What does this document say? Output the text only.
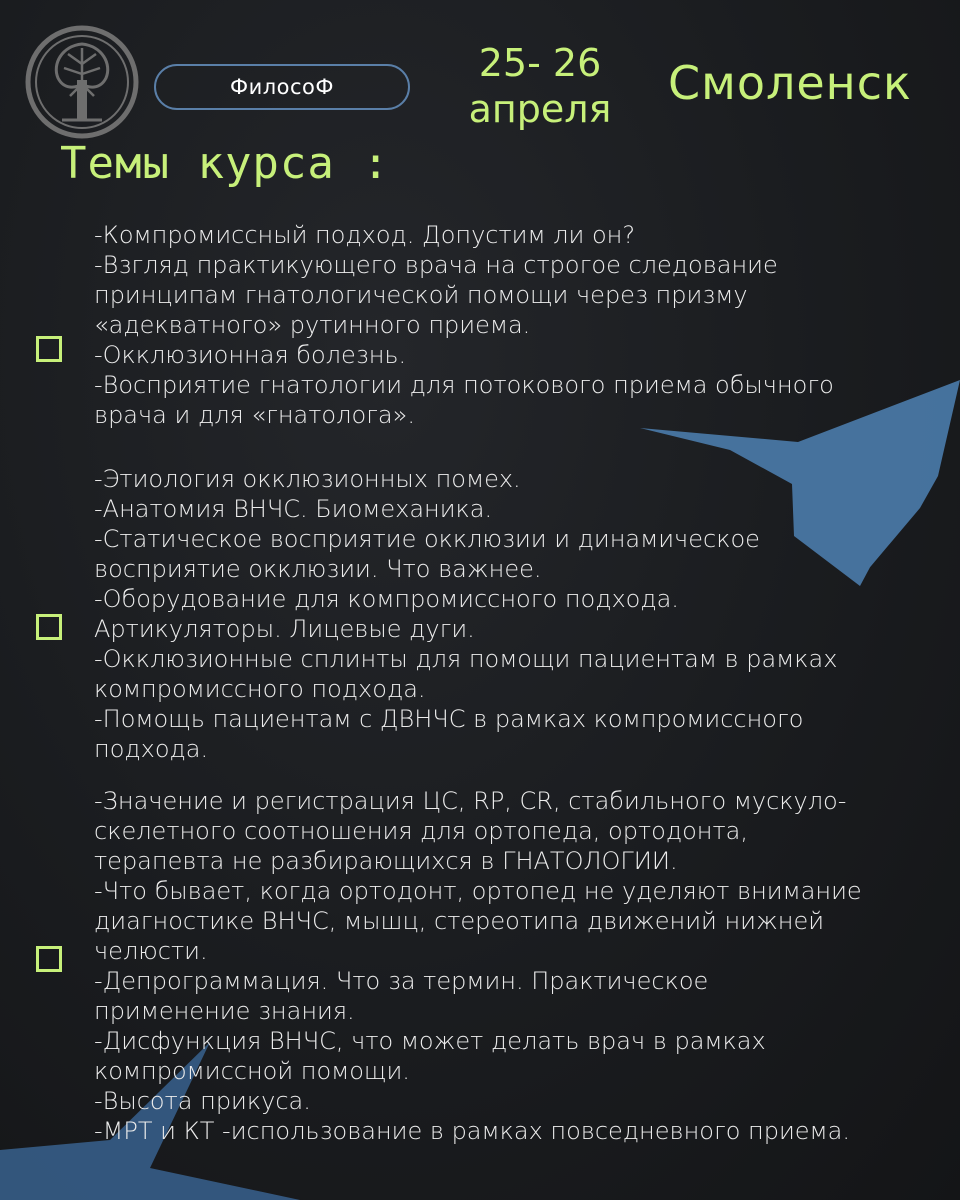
ФилосоФ
25- 26
апреля Смоленск
Темы курса :
-Компромиссный подход. Допустим ли он?
-Взгляд практикующего врача на строгое следование
принципам гнатологической помощи через призму
«адекватного» рутинного приема.
-Окклюзионная болезнь.
-Восприятие гнатологии для потокового приема обычного
врача и для «гнатолога».
-Этиология окклюзионных помех.
-Анатомия ВНЧС. Биомеханика.
-Статическое восприятие окклюзии и динамическое
восприятие окклюзии. Что важнее.
-Оборудование для компромиссного подхода.
Артикуляторы. Лицевые дуги.
-Окклюзионные сплинты для помощи пациентам в рамках
компромиссного подхода.
-Помощь пациентам с ДВНЧС в рамках компромиссного
подхода.
-Значение и регистрация ЦС, RP, CR, стабильного мускуло-
скелетного соотношения для ортопеда, ортодонта,
терапевта не разбирающихся в ГНАТОЛОГИИ.
-Что бывает, когда ортодонт, ортопед не уделяют внимание
диагностике ВНЧС, мышц, стереотипа движений нижней
челюсти.
-Депрограммация. Что за термин. Практическое
применение знания.
-Дисфункция ВНЧС, что может делать врач в рамках
компромиссной помощи.
-Высота прикуса.
-МРТ и КТ -использование в рамках повседневного приема.
